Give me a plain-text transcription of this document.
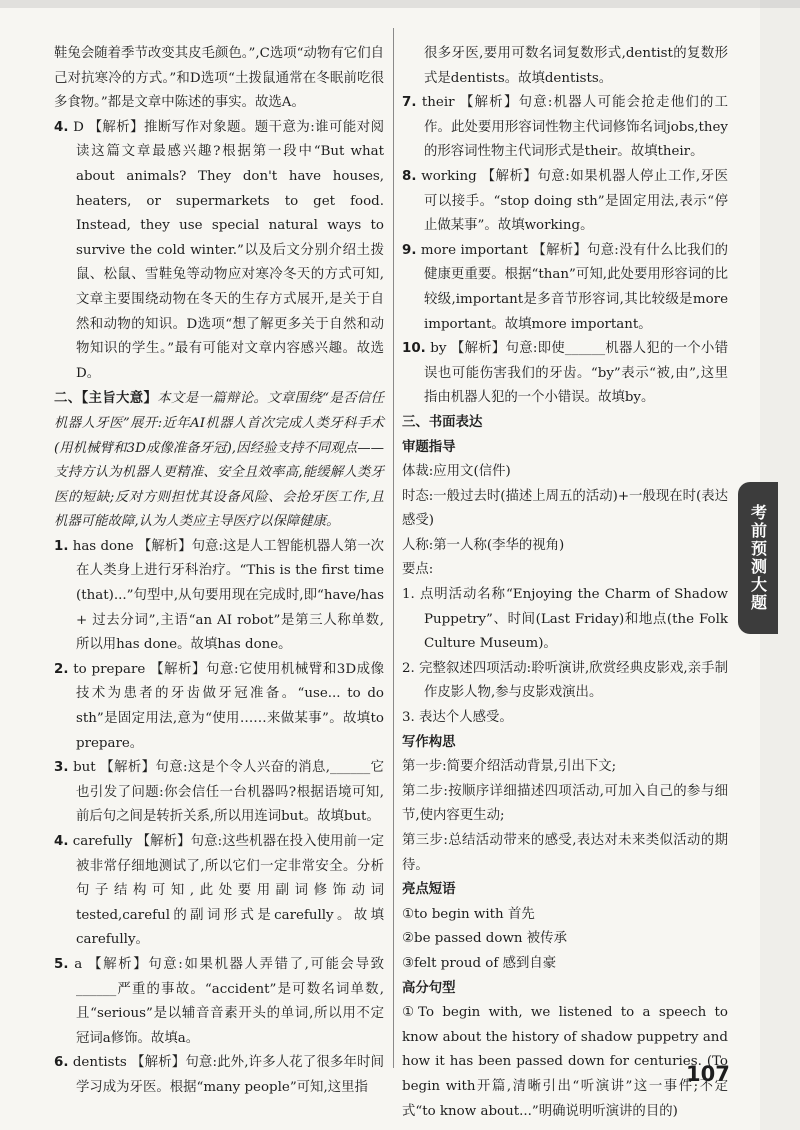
鞋兔会随着季节改变其皮毛颜色。”,C选项“动物有它们自己对抗寒冷的方式。”和D选项“土拨鼠通常在冬眠前吃很多食物。”都是文章中陈述的事实。故选A。

4. D 【解析】推断写作对象题。题干意为:谁可能对阅读这篇文章最感兴趣?根据第一段中“But what about animals? They don't have houses, heaters, or supermarkets to get food. Instead, they use special natural ways to survive the cold winter.”以及后文分别介绍土拨鼠、松鼠、雪鞋兔等动物应对寒冷冬天的方式可知,文章主要围绕动物在冬天的生存方式展开,是关于自然和动物的知识。D选项“想了解更多关于自然和动物知识的学生。”最有可能对文章内容感兴趣。故选D。

二、【主旨大意】本文是一篇辩论。文章围绕“是否信任机器人牙医”展开:近年AI机器人首次完成人类牙科手术(用机械臂和3D成像准备牙冠),因经验支持不同观点——支持方认为机器人更精准、安全且效率高,能缓解人类牙医的短缺;反对方则担忧其设备风险、会抢牙医工作,且机器可能故障,认为人类应主导医疗以保障健康。

1. has done 【解析】句意:这是人工智能机器人第一次在人类身上进行牙科治疗。“This is the first time (that)...”句型中,从句要用现在完成时,即“have/has + 过去分词”,主语“an AI robot”是第三人称单数,所以用has done。故填has done。

2. to prepare 【解析】句意:它使用机械臂和3D成像技术为患者的牙齿做牙冠准备。“use... to do sth”是固定用法,意为“使用……来做某事”。故填to prepare。

3. but 【解析】句意:这是个令人兴奋的消息,______它也引发了问题:你会信任一台机器吗?根据语境可知,前后句之间是转折关系,所以用连词but。故填but。

4. carefully 【解析】句意:这些机器在投入使用前一定被非常仔细地测试了,所以它们一定非常安全。分析句子结构可知,此处要用副词修饰动词tested,careful的副词形式是carefully。故填carefully。

5. a 【解析】句意:如果机器人弄错了,可能会导致______严重的事故。“accident”是可数名词单数,且“serious”是以辅音音素开头的单词,所以用不定冠词a修饰。故填a。

6. dentists 【解析】句意:此外,许多人花了很多年时间学习成为牙医。根据“many people”可知,这里指

很多牙医,要用可数名词复数形式,dentist的复数形式是dentists。故填dentists。

7. their 【解析】句意:机器人可能会抢走他们的工作。此处要用形容词性物主代词修饰名词jobs,they的形容词性物主代词形式是their。故填their。

8. working 【解析】句意:如果机器人停止工作,牙医可以接手。“stop doing sth”是固定用法,表示“停止做某事”。故填working。

9. more important 【解析】句意:没有什么比我们的健康更重要。根据“than”可知,此处要用形容词的比较级,important是多音节形容词,其比较级是more important。故填more important。

10. by 【解析】句意:即使______机器人犯的一个小错误也可能伤害我们的牙齿。“by”表示“被,由”,这里指由机器人犯的一个小错误。故填by。

三、书面表达

审题指导

体裁:应用文(信件)

时态:一般过去时(描述上周五的活动)+一般现在时(表达感受)

人称:第一人称(李华的视角)

要点:

1. 点明活动名称“Enjoying the Charm of Shadow Puppetry”、时间(Last Friday)和地点(the Folk Culture Museum)。

2. 完整叙述四项活动:聆听演讲,欣赏经典皮影戏,亲手制作皮影人物,参与皮影戏演出。

3. 表达个人感受。

写作构思

第一步:简要介绍活动背景,引出下文;

第二步:按顺序详细描述四项活动,可加入自己的参与细节,使内容更生动;

第三步:总结活动带来的感受,表达对未来类似活动的期待。

亮点短语

①to begin with 首先

②be passed down 被传承

③felt proud of 感到自豪

高分句型

①To begin with, we listened to a speech to know about the history of shadow puppetry and how it has been passed down for centuries. (To begin with开篇,清晰引出“听演讲”这一事件;不定式“to know about...”明确说明听演讲的目的)

考前预测大题
107
